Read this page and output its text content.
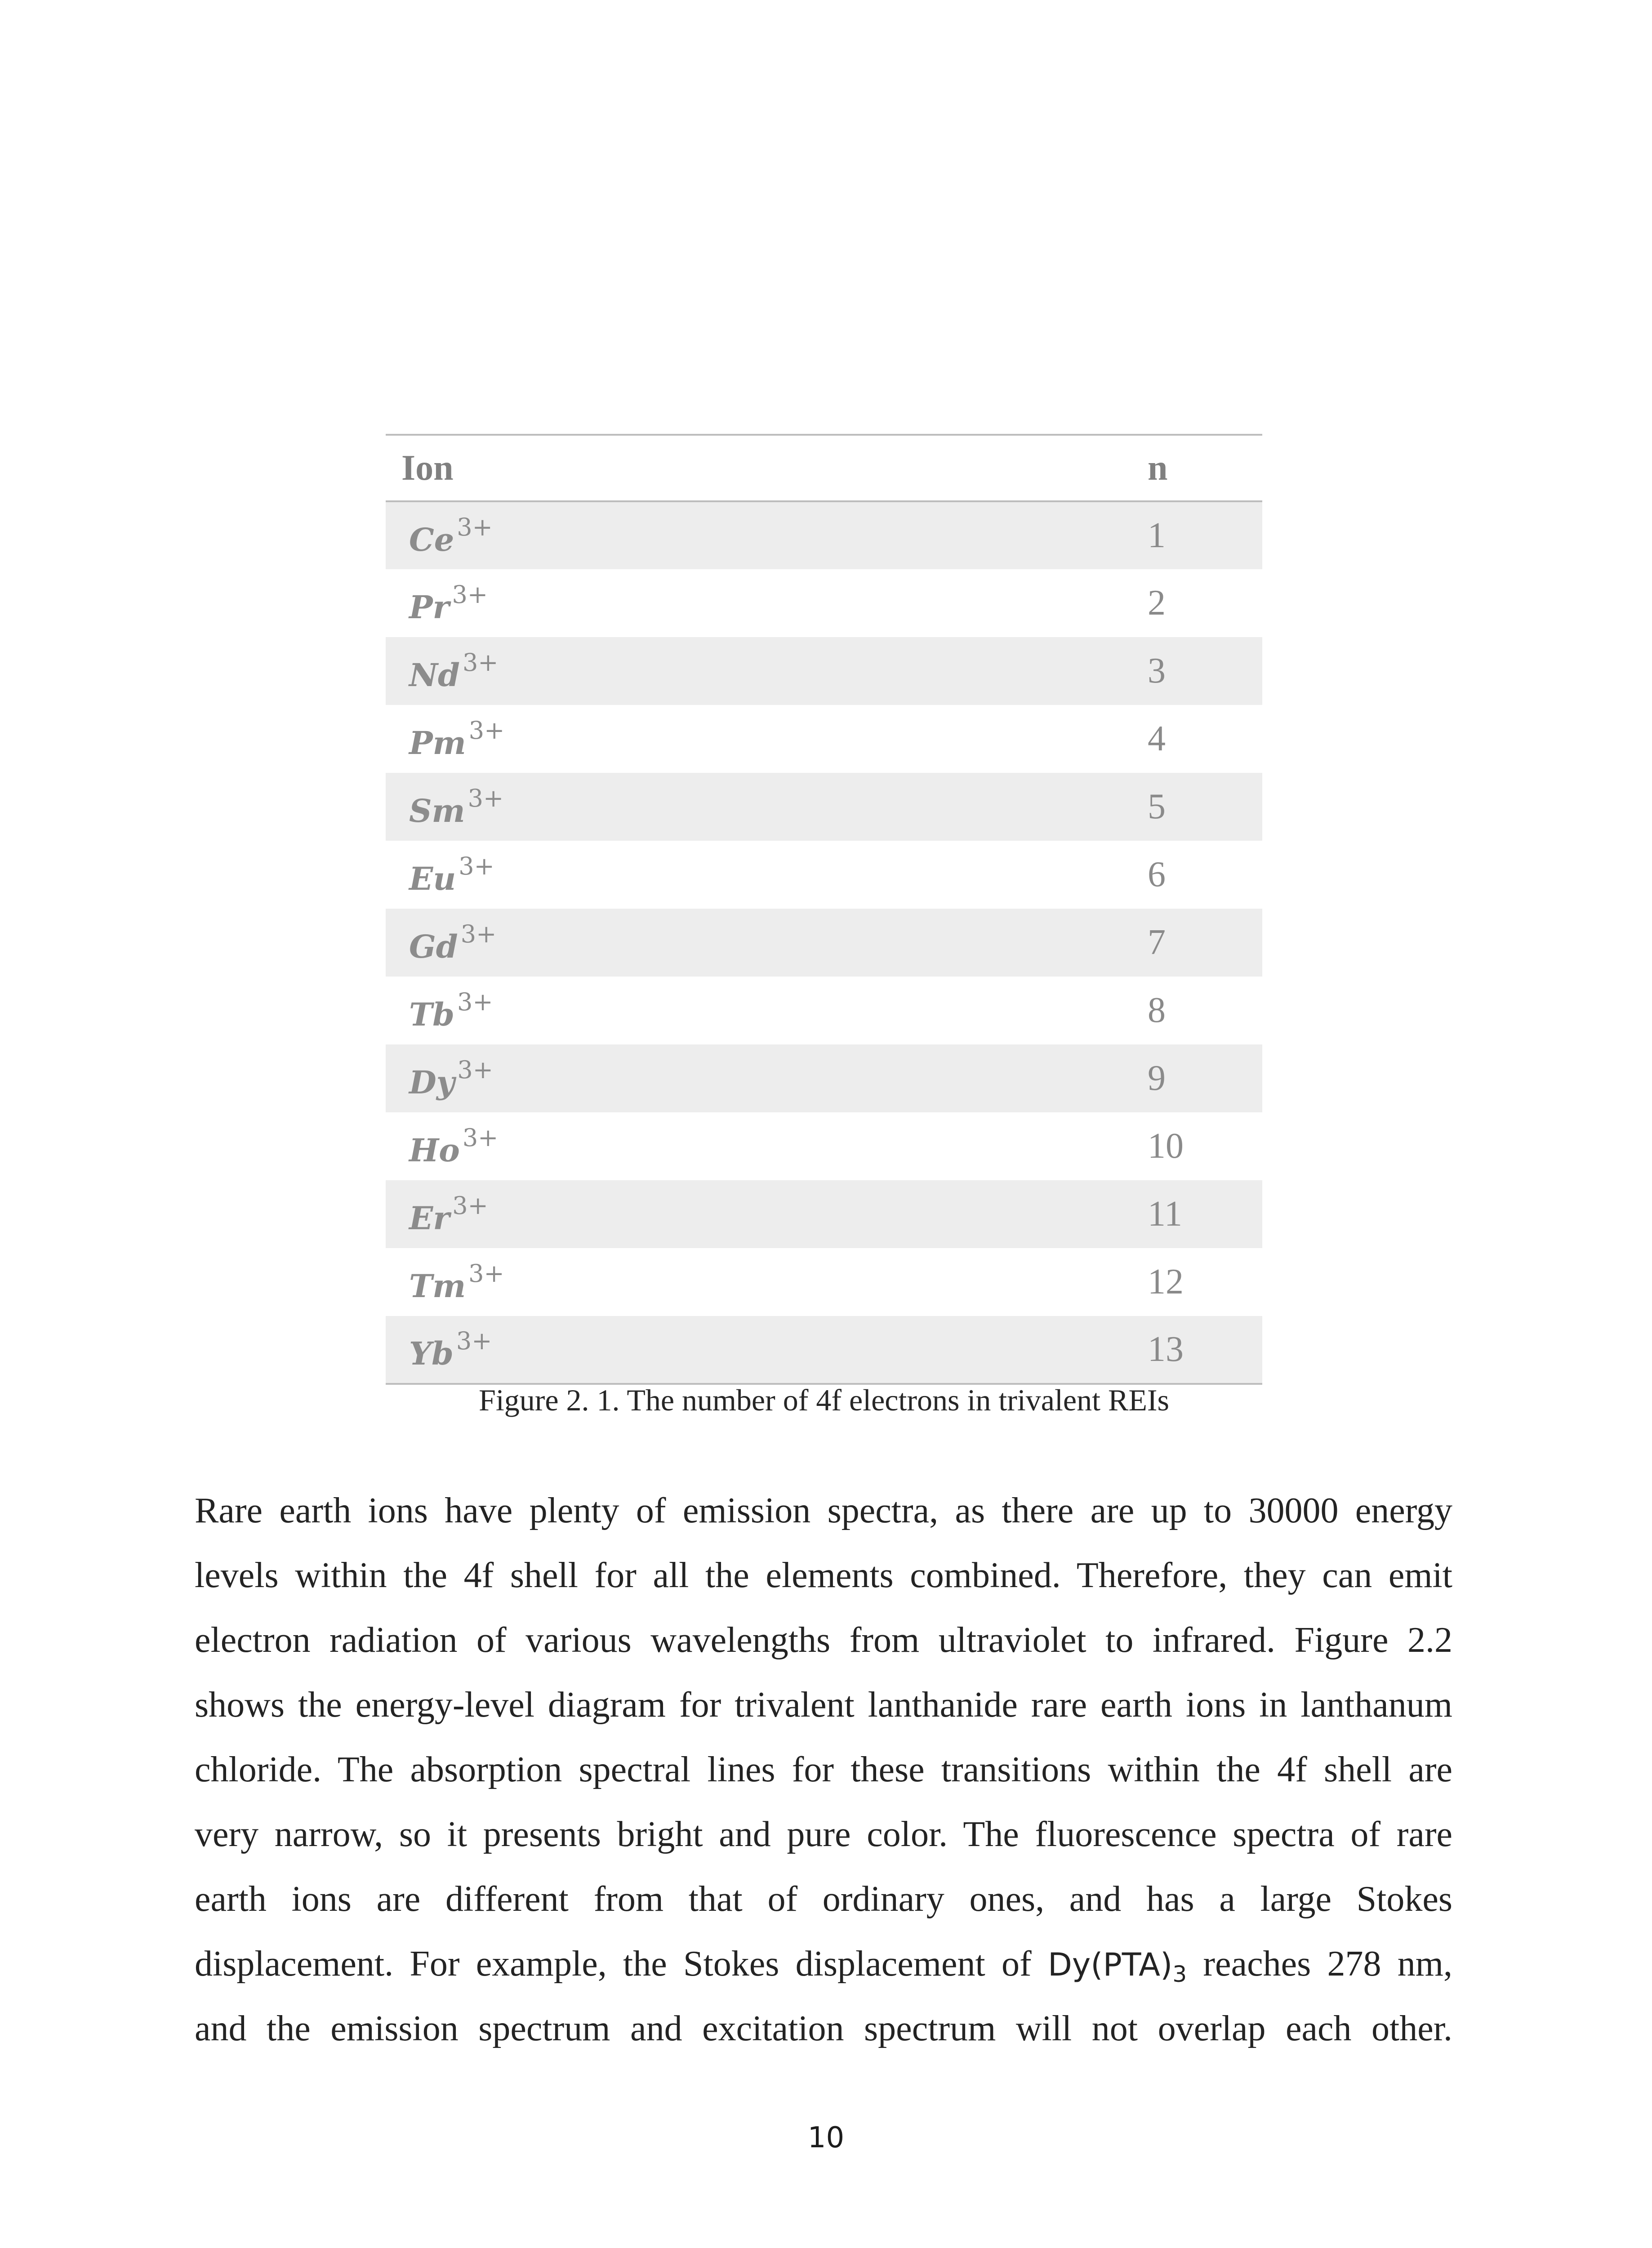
Ion	n
Ce $^{3+}$	1
Pr $^{3+}$	2
Nd $^{3+}$	3
Pm $^{3+}$	4
Sm $^{3+}$	5
Eu $^{3+}$	6
Gd $^{3+}$	7
Tb $^{3+}$	8
Dy $^{3+}$	9
Ho $^{3+}$	10
Er $^{3+}$	11
Tm $^{3+}$	12
Yb $^{3+}$	13
Figure 2. 1. The number of 4f electrons in trivalent REIs
Rare earth ions have plenty of emission spectra, as there are up to 30000 energy
levels within the 4f shell for all the elements combined. Therefore, they can emit
electron radiation of various wavelengths from ultraviolet to infrared. Figure 2.2
shows the energy-level diagram for trivalent lanthanide rare earth ions in lanthanum
chloride. The absorption spectral lines for these transitions within the 4f shell are
very narrow, so it presents bright and pure color. The fluorescence spectra of rare
earth ions are different from that of ordinary ones, and has a large Stokes
displacement. For example, the Stokes displacement of $Dy(PTA)_3$ reaches 278 nm,
and the emission spectrum and excitation spectrum will not overlap each other.
10
